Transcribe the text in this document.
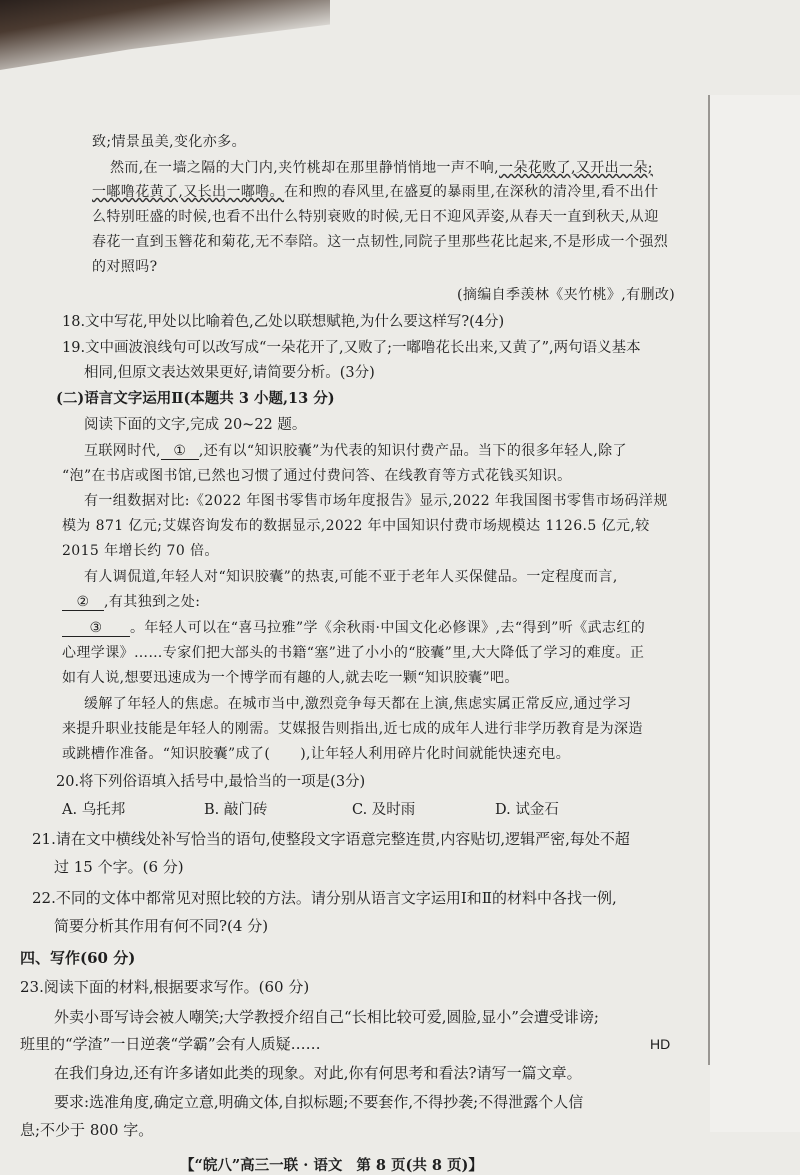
致;情景虽美,变化亦多。
然而,在一墙之隔的大门内,夹竹桃却在那里静悄悄地一声不响,一朵花败了,又开出一朵;
一嘟噜花黄了,又长出一嘟噜。在和煦的春风里,在盛夏的暴雨里,在深秋的清冷里,看不出什
么特别旺盛的时候,也看不出什么特别衰败的时候,无日不迎风弄姿,从春天一直到秋天,从迎
春花一直到玉簪花和菊花,无不奉陪。这一点韧性,同院子里那些花比起来,不是形成一个强烈
的对照吗?
(摘编自季羡林《夹竹桃》,有删改)
18.文中写花,甲处以比喻着色,乙处以联想赋艳,为什么要这样写?(4分)
19.文中画波浪线句可以改写成“一朵花开了,又败了;一嘟噜花长出来,又黄了”,两句语义基本
相同,但原文表达效果更好,请简要分析。(3分)
(二)语言文字运用Ⅱ(本题共 3 小题,13 分)
阅读下面的文字,完成 20~22 题。
互联网时代, ① ,还有以“知识胶囊”为代表的知识付费产品。当下的很多年轻人,除了
“泡”在书店或图书馆,已然也习惯了通过付费问答、在线教育等方式花钱买知识。
有一组数据对比:《2022 年图书零售市场年度报告》显示,2022 年我国图书零售市场码洋规
模为 871 亿元;艾媒咨询发布的数据显示,2022 年中国知识付费市场规模达 1126.5 亿元,较
2015 年增长约 70 倍。
有人调侃道,年轻人对“知识胶囊”的热衷,可能不亚于老年人买保健品。一定程度而言,
② ,有其独到之处:
③ 。年轻人可以在“喜马拉雅”学《余秋雨·中国文化必修课》,去“得到”听《武志红的
心理学课》……专家们把大部头的书籍“塞”进了小小的“胶囊”里,大大降低了学习的难度。正
如有人说,想要迅速成为一个博学而有趣的人,就去吃一颗“知识胶囊”吧。
缓解了年轻人的焦虑。在城市当中,激烈竞争每天都在上演,焦虑实属正常反应,通过学习
来提升职业技能是年轻人的刚需。艾媒报告则指出,近七成的成年人进行非学历教育是为深造
或跳槽作准备。“知识胶囊”成了( ),让年轻人利用碎片化时间就能快速充电。
20.将下列俗语填入括号中,最恰当的一项是(3分)
A. 乌托邦	B. 敲门砖	C. 及时雨	D. 试金石
21.请在文中横线处补写恰当的语句,使整段文字语意完整连贯,内容贴切,逻辑严密,每处不超
过 15 个字。(6 分)
22.不同的文体中都常见对照比较的方法。请分别从语言文字运用Ⅰ和Ⅱ的材料中各找一例,
简要分析其作用有何不同?(4 分)
四、写作(60 分)
23.阅读下面的材料,根据要求写作。(60 分)
外卖小哥写诗会被人嘲笑;大学教授介绍自己“长相比较可爱,圆脸,显小”会遭受诽谤;
班里的“学渣”一日逆袭“学霸”会有人质疑……
在我们身边,还有许多诸如此类的现象。对此,你有何思考和看法?请写一篇文章。
要求:选准角度,确定立意,明确文体,自拟标题;不要套作,不得抄袭;不得泄露个人信
息;不少于 800 字。
【“皖八”高三一联 · 语文 第 8 页(共 8 页)】
HD
